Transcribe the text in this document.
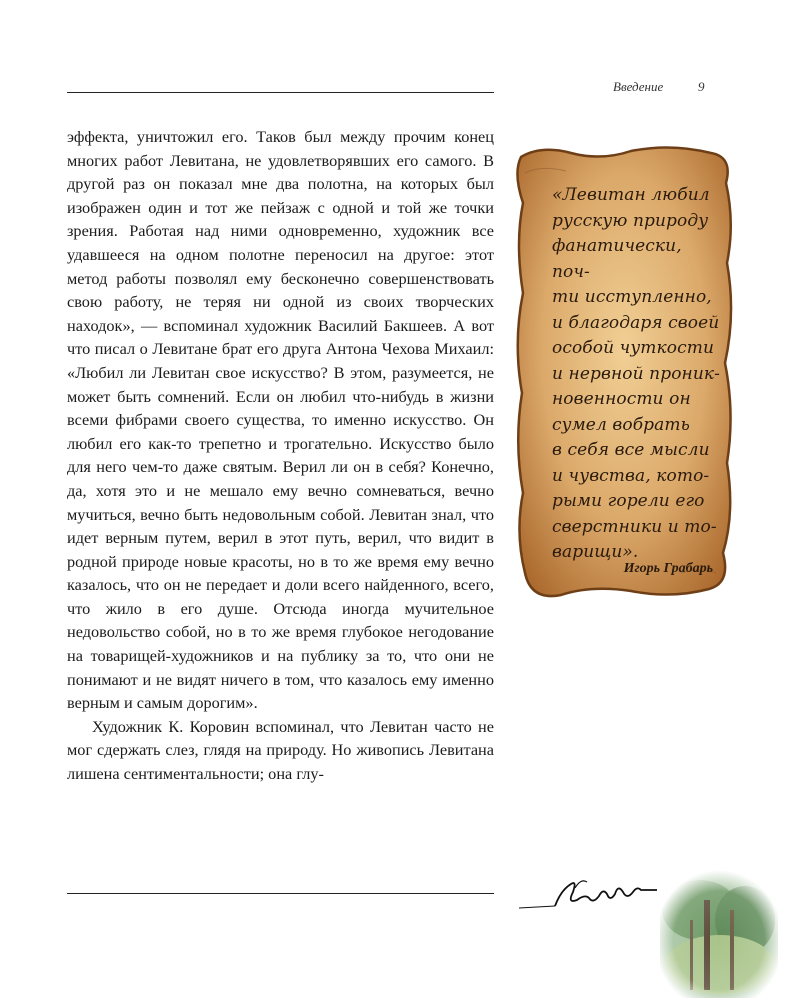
Введение	9

эффекта, уничтожил его. Таков был между прочим конец многих работ Левитана, не удовлетворявших его самого. В другой раз он показал мне два полотна, на которых был изображен один и тот же пейзаж с одной и той же точки зрения. Работая над ними одновременно, художник все удавшееся на одном полотне переносил на другое: этот метод работы позволял ему бесконечно совершенствовать свою работу, не теряя ни одной из своих творческих находок», — вспоминал художник Василий Бакшеев. А вот что писал о Левитане брат его друга Антона Чехова Михаил: «Любил ли Левитан свое искусство? В этом, разумеется, не может быть сомнений. Если он любил что-нибудь в жизни всеми фибрами своего существа, то именно искусство. Он любил его как-то трепетно и трогательно. Искусство было для него чем-то даже святым. Верил ли он в себя? Конечно, да, хотя это и не мешало ему вечно сомневаться, вечно мучиться, вечно быть недовольным собой. Левитан знал, что идет верным путем, верил в этот путь, верил, что видит в родной природе новые красоты, но в то же время ему вечно казалось, что он не передает и доли всего найденного, всего, что жило в его душе. Отсюда иногда мучительное недовольство собой, но в то же время глубокое негодование на товарищей-художников и на публику за то, что они не понимают и не видят ничего в том, что казалось ему именно верным и самым дорогим».

Художник К. Коровин вспоминал, что Левитан часто не мог сдержать слез, глядя на природу. Но живопись Левитана лишена сентиментальности; она глу-

«Левитан любил
русскую природу
фанатически, поч-
ти исступленно,
и благодаря своей
особой чуткости
и нервной проник-
новенности он
сумел вобрать
в себя все мысли
и чувства, кото-
рыми горели его
сверстники и то-
варищи».
Игорь Грабарь
